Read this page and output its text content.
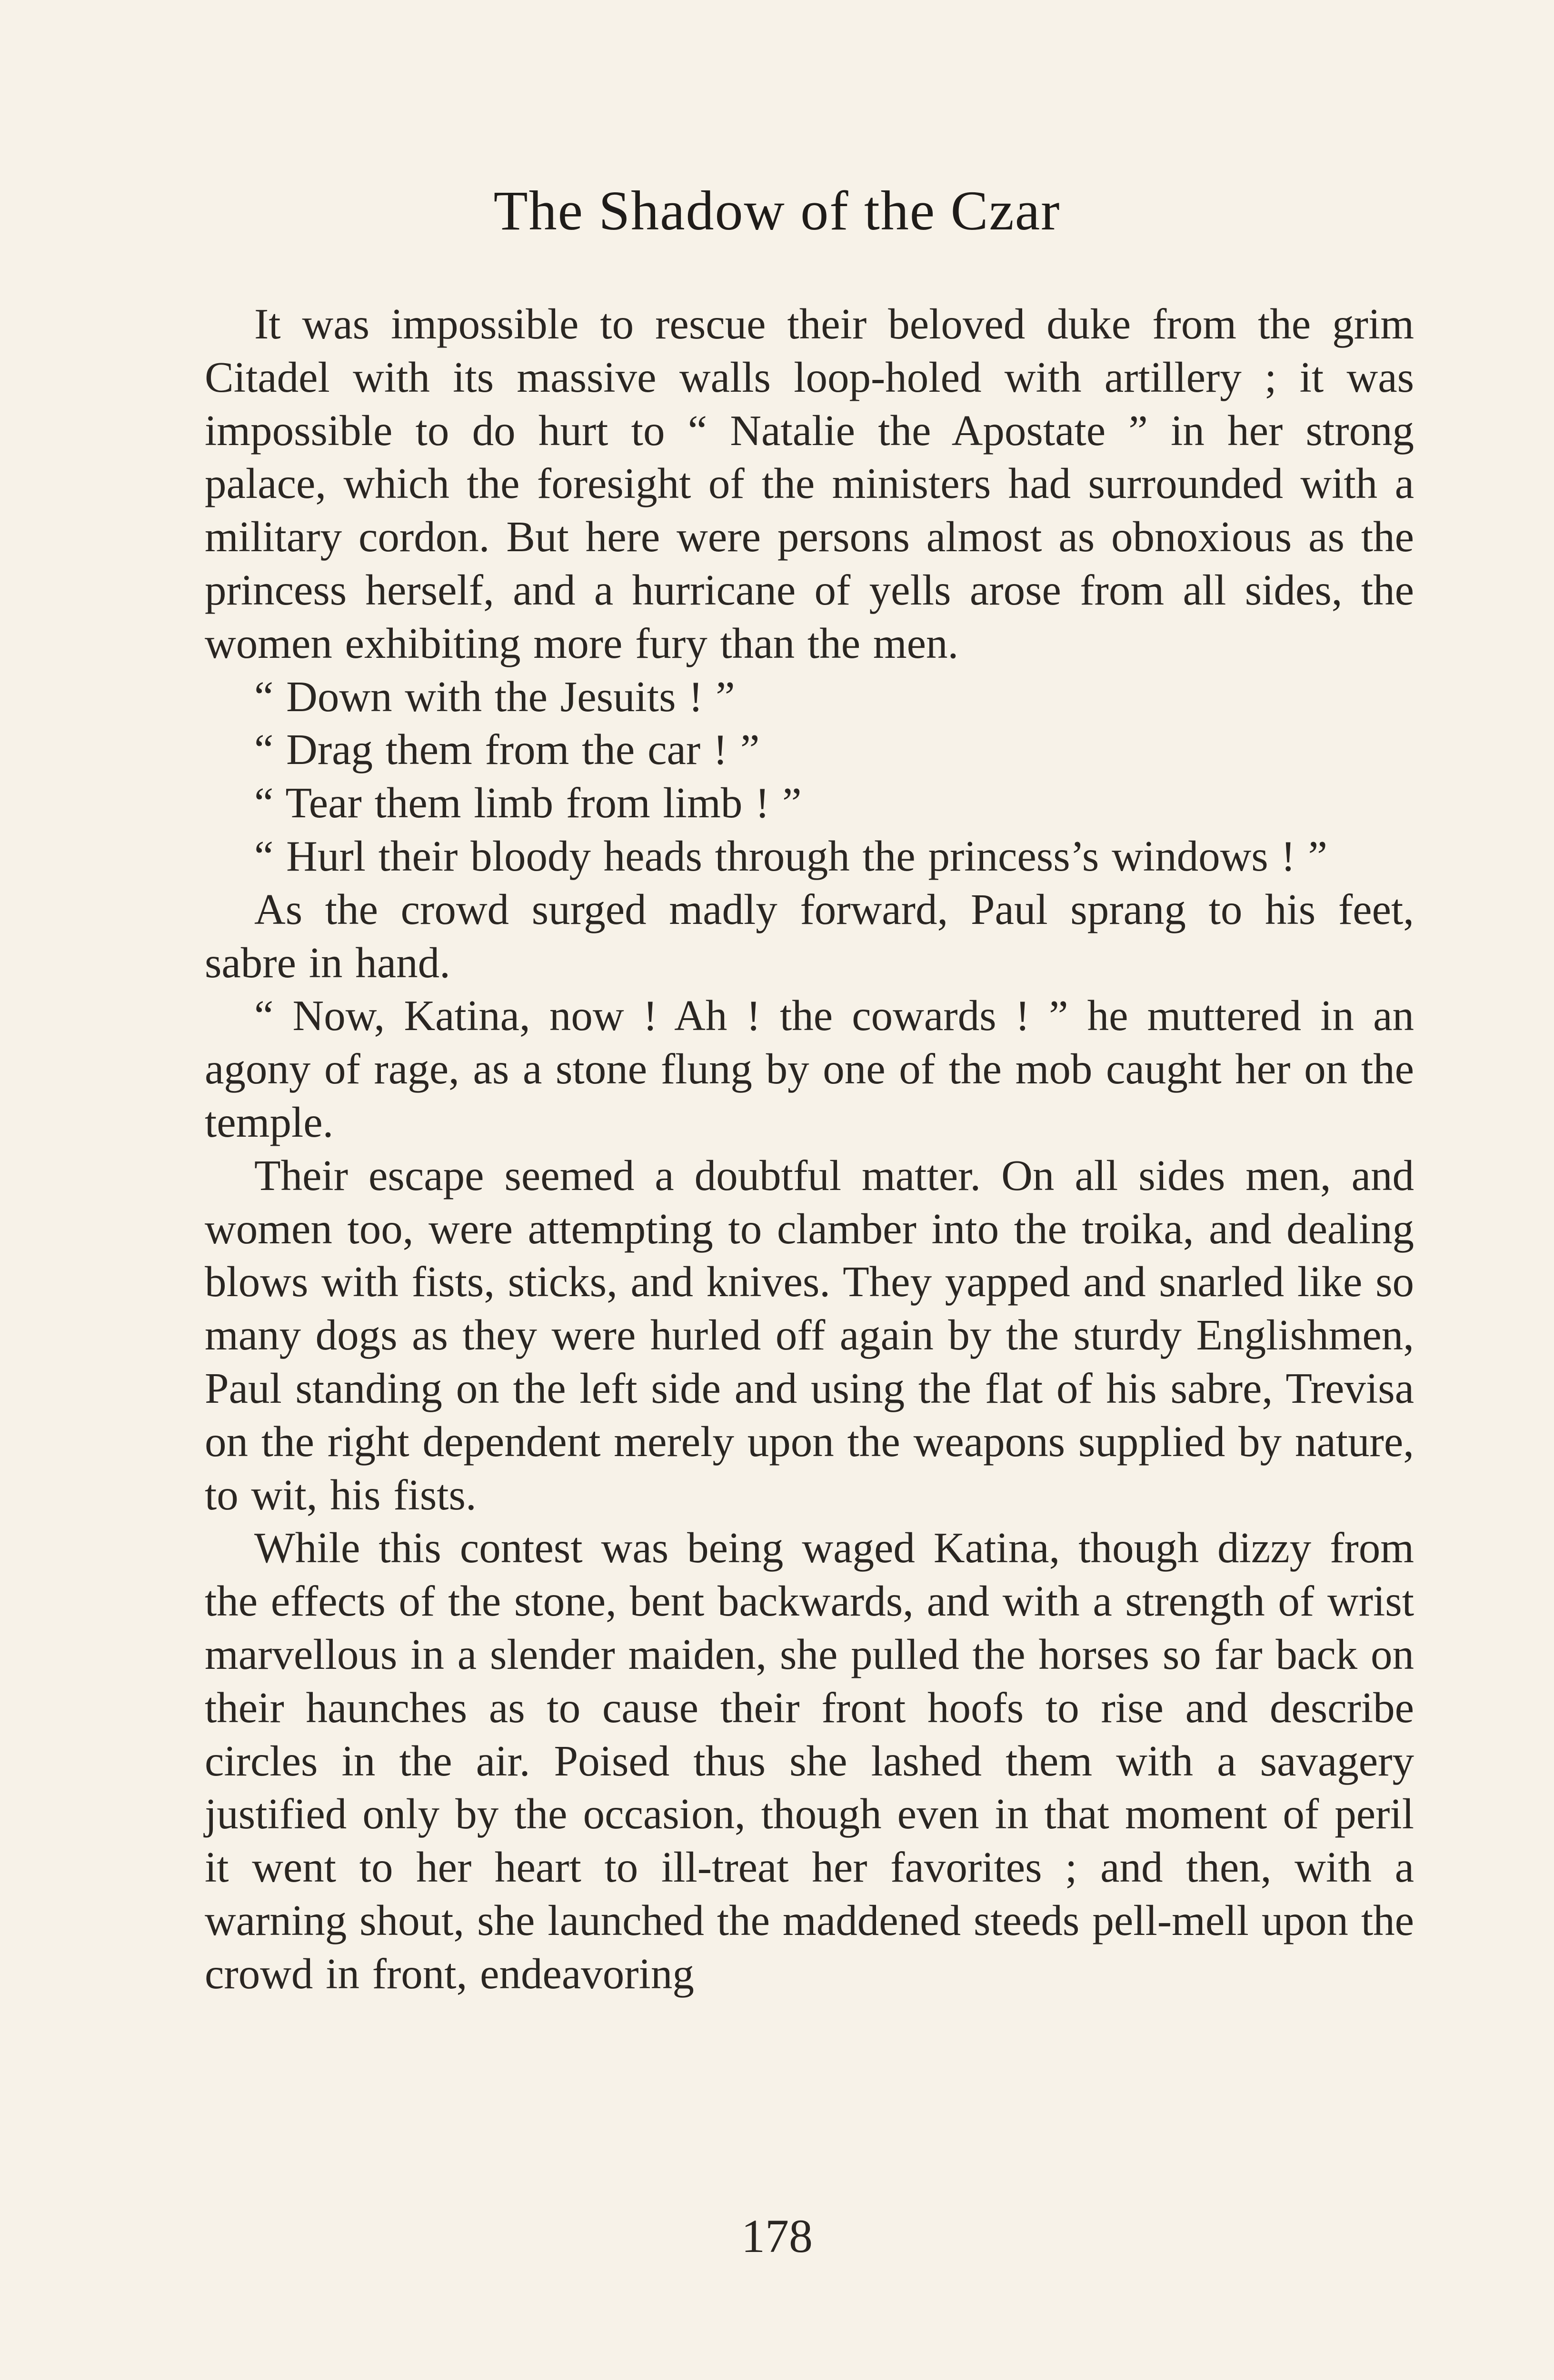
The Shadow of the Czar

It was impossible to rescue their beloved duke from the grim Citadel with its massive walls loop-holed with artillery ; it was impossible to do hurt to “ Natalie the Apostate ” in her strong palace, which the foresight of the ministers had surrounded with a military cordon. But here were persons almost as obnoxious as the princess herself, and a hurricane of yells arose from all sides, the women exhibiting more fury than the men.

“ Down with the Jesuits ! ”

“ Drag them from the car ! ”

“ Tear them limb from limb ! ”

“ Hurl their bloody heads through the princess’s windows ! ”

As the crowd surged madly forward, Paul sprang to his feet, sabre in hand.

“ Now, Katina, now ! Ah ! the cowards ! ” he muttered in an agony of rage, as a stone flung by one of the mob caught her on the temple.

Their escape seemed a doubtful matter. On all sides men, and women too, were attempting to clamber into the troika, and dealing blows with fists, sticks, and knives. They yapped and snarled like so many dogs as they were hurled off again by the sturdy Englishmen, Paul standing on the left side and using the flat of his sabre, Trevisa on the right dependent merely upon the weapons supplied by nature, to wit, his fists.

While this contest was being waged Katina, though dizzy from the effects of the stone, bent backwards, and with a strength of wrist marvellous in a slender maiden, she pulled the horses so far back on their haunches as to cause their front hoofs to rise and describe circles in the air. Poised thus she lashed them with a savagery justified only by the occasion, though even in that moment of peril it went to her heart to ill-treat her favorites ; and then, with a warning shout, she launched the maddened steeds pell-mell upon the crowd in front, endeavoring

178
